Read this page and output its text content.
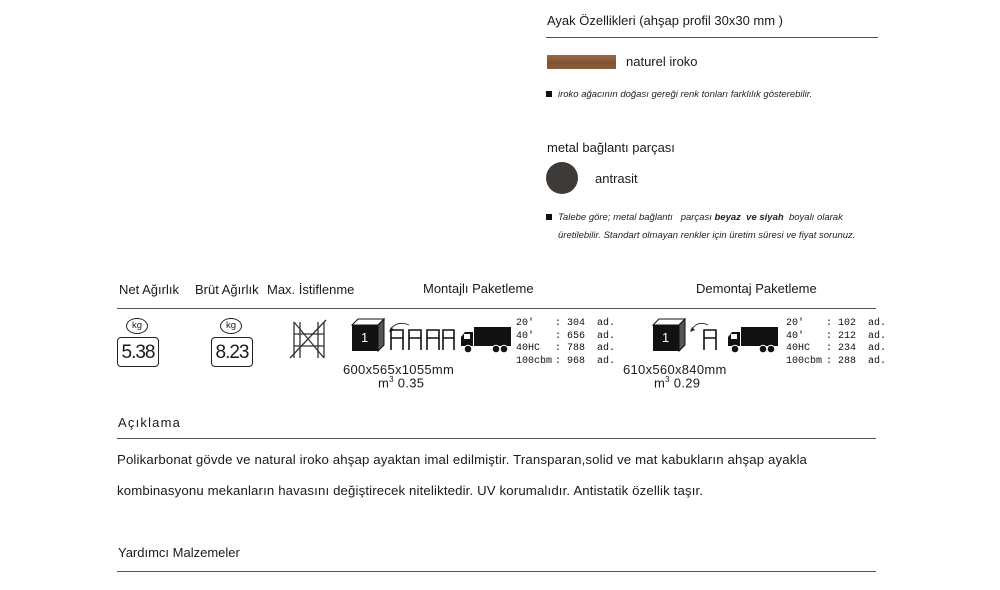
Ayak Özellikleri (ahşap profil 30x30 mm )
naturel iroko
iroko ağacının doğası gereği renk tonları farklılık gösterebilir.
metal bağlantı parçası
antrasit
Talebe göre; metal bağlantı   parçası beyaz  ve siyah  boyalı olarak
üretilebilir. Standart olmayan renkler için üretim süresi ve fiyat sorunuz.
Net Ağırlık Brüt Ağırlık Max. İstiflenme	Montajlı Paketleme	Demontaj Paketleme
5.38
kg
8.23
kg
1
20' : 304  ad.
40' : 656  ad.
40HC : 788  ad.
100cbm : 968  ad.
600x565x1055mm
$m^3$ 0.35
1
20' : 102  ad.
40' : 212  ad.
40HC : 234  ad.
100cbm : 288  ad.
610x560x840mm
$m^3$ 0.29
Açıklama
Polikarbonat gövde ve natural iroko ahşap ayaktan imal edilmiştir. Transparan,solid ve mat kabukların ahşap ayakla
kombinasyonu mekanların havasını değiştirecek niteliktedir. UV korumalıdır. Antistatik özellik taşır.
Yardımcı Malzemeler
